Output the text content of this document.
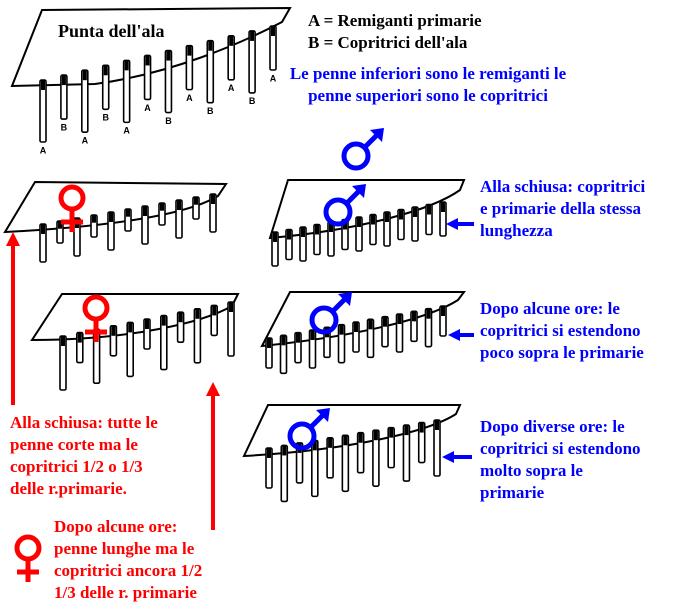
A
B
A
B
A
A
B
A
B
A
B
A
Punta dell'ala
A = Remiganti primarie
B = Copritrici dell'ala
Le penne inferiori sono le remiganti le
penne superiori sono le copritrici
Alla schiusa: copritrici
e primarie della stessa
lunghezza
Dopo alcune ore: le
copritrici si estendono
poco sopra le primarie
Dopo diverse ore: le
copritrici si estendono
molto sopra le
primarie
Alla schiusa: tutte le
penne corte ma le
copritrici 1/2 o 1/3
delle r.primarie.
Dopo alcune ore:
penne lunghe ma le
copritrici ancora 1/2
1/3 delle r. primarie
